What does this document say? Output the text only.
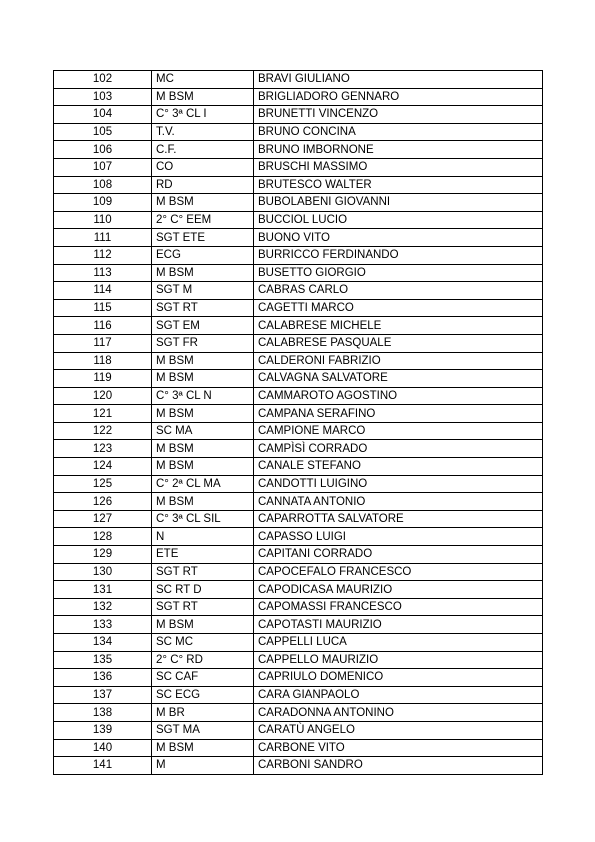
102	MC	BRAVI GIULIANO
103	M BSM	BRIGLIADORO GENNARO
104	C° 3ª CL I	BRUNETTI VINCENZO
105	T.V.	BRUNO CONCINA
106	C.F.	BRUNO IMBORNONE
107	CO	BRUSCHI MASSIMO
108	RD	BRUTESCO WALTER
109	M BSM	BUBOLABENI GIOVANNI
110	2° C° EEM	BUCCIOL LUCIO
111	SGT ETE	BUONO VITO
112	ECG	BURRICCO FERDINANDO
113	M BSM	BUSETTO GIORGIO
114	SGT M	CABRAS CARLO
115	SGT RT	CAGETTI MARCO
116	SGT EM	CALABRESE MICHELE
117	SGT FR	CALABRESE PASQUALE
118	M BSM	CALDERONI FABRIZIO
119	M BSM	CALVAGNA SALVATORE
120	C° 3ª CL N	CAMMAROTO AGOSTINO
121	M BSM	CAMPANA SERAFINO
122	SC MA	CAMPIONE MARCO
123	M BSM	CAMPÌSÌ CORRADO
124	M BSM	CANALE STEFANO
125	C° 2ª CL MA	CANDOTTI LUIGINO
126	M BSM	CANNATA ANTONIO
127	C° 3ª CL SIL	CAPARROTTA SALVATORE
128	N	CAPASSO LUIGI
129	ETE	CAPITANI CORRADO
130	SGT RT	CAPOCEFALO FRANCESCO
131	SC RT D	CAPODICASA MAURIZIO
132	SGT RT	CAPOMASSI FRANCESCO
133	M BSM	CAPOTASTI MAURIZIO
134	SC MC	CAPPELLI LUCA
135	2° C° RD	CAPPELLO MAURIZIO
136	SC CAF	CAPRIULO DOMENICO
137	SC ECG	CARA GIANPAOLO
138	M BR	CARADONNA ANTONINO
139	SGT MA	CARATÙ ANGELO
140	M BSM	CARBONE VITO
141	M	CARBONI SANDRO
